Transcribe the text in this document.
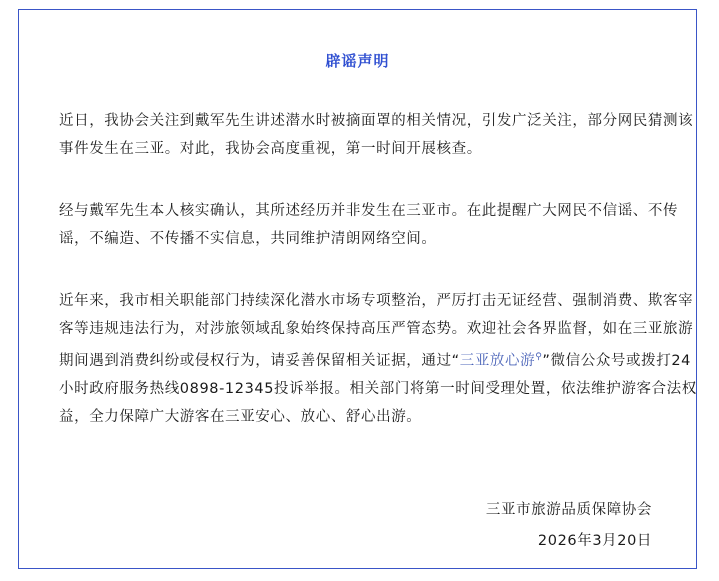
辟谣声明

近日，我协会关注到戴军先生讲述潜水时被摘面罩的相关情况，引发广泛关注，部分网民猜测该事件发生在三亚。对此，我协会高度重视，第一时间开展核查。

经与戴军先生本人核实确认，其所述经历并非发生在三亚市。在此提醒广大网民不信谣、不传谣，不编造、不传播不实信息，共同维护清朗网络空间。

近年来，我市相关职能部门持续深化潜水市场专项整治，严厉打击无证经营、强制消费、欺客宰客等违规违法行为，对涉旅领域乱象始终保持高压严管态势。欢迎社会各界监督，如在三亚旅游期间遇到消费纠纷或侵权行为，请妥善保留相关证据，通过“三亚放心游⚲”微信公众号或拨打24小时政府服务热线0898-12345投诉举报。相关部门将第一时间受理处置，依法维护游客合法权益，全力保障广大游客在三亚安心、放心、舒心出游。

三亚市旅游品质保障协会
2026年3月20日
